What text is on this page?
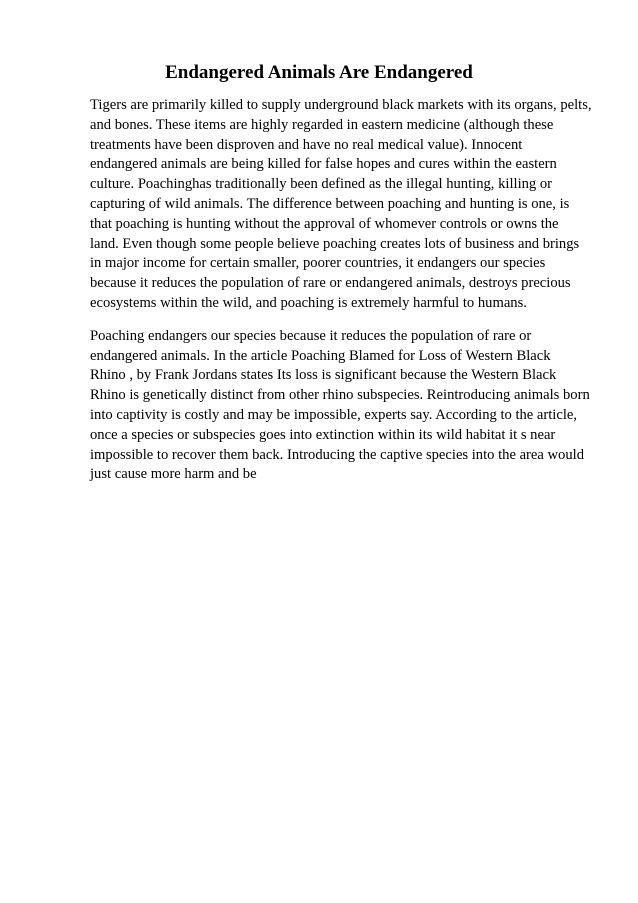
Endangered Animals Are Endangered
Tigers are primarily killed to supply underground black markets with its organs, pelts,
and bones. These items are highly regarded in eastern medicine (although these
treatments have been disproven and have no real medical value). Innocent
endangered animals are being killed for false hopes and cures within the eastern
culture. Poachinghas traditionally been defined as the illegal hunting, killing or
capturing of wild animals. The difference between poaching and hunting is one, is
that poaching is hunting without the approval of whomever controls or owns the
land. Even though some people believe poaching creates lots of business and brings
in major income for certain smaller, poorer countries, it endangers our species
because it reduces the population of rare or endangered animals, destroys precious
ecosystems within the wild, and poaching is extremely harmful to humans.
Poaching endangers our species because it reduces the population of rare or
endangered animals. In the article Poaching Blamed for Loss of Western Black
Rhino , by Frank Jordans states Its loss is significant because the Western Black
Rhino is genetically distinct from other rhino subspecies. Reintroducing animals born
into captivity is costly and may be impossible, experts say. According to the article,
once a species or subspecies goes into extinction within its wild habitat it s near
impossible to recover them back. Introducing the captive species into the area would
just cause more harm and be
